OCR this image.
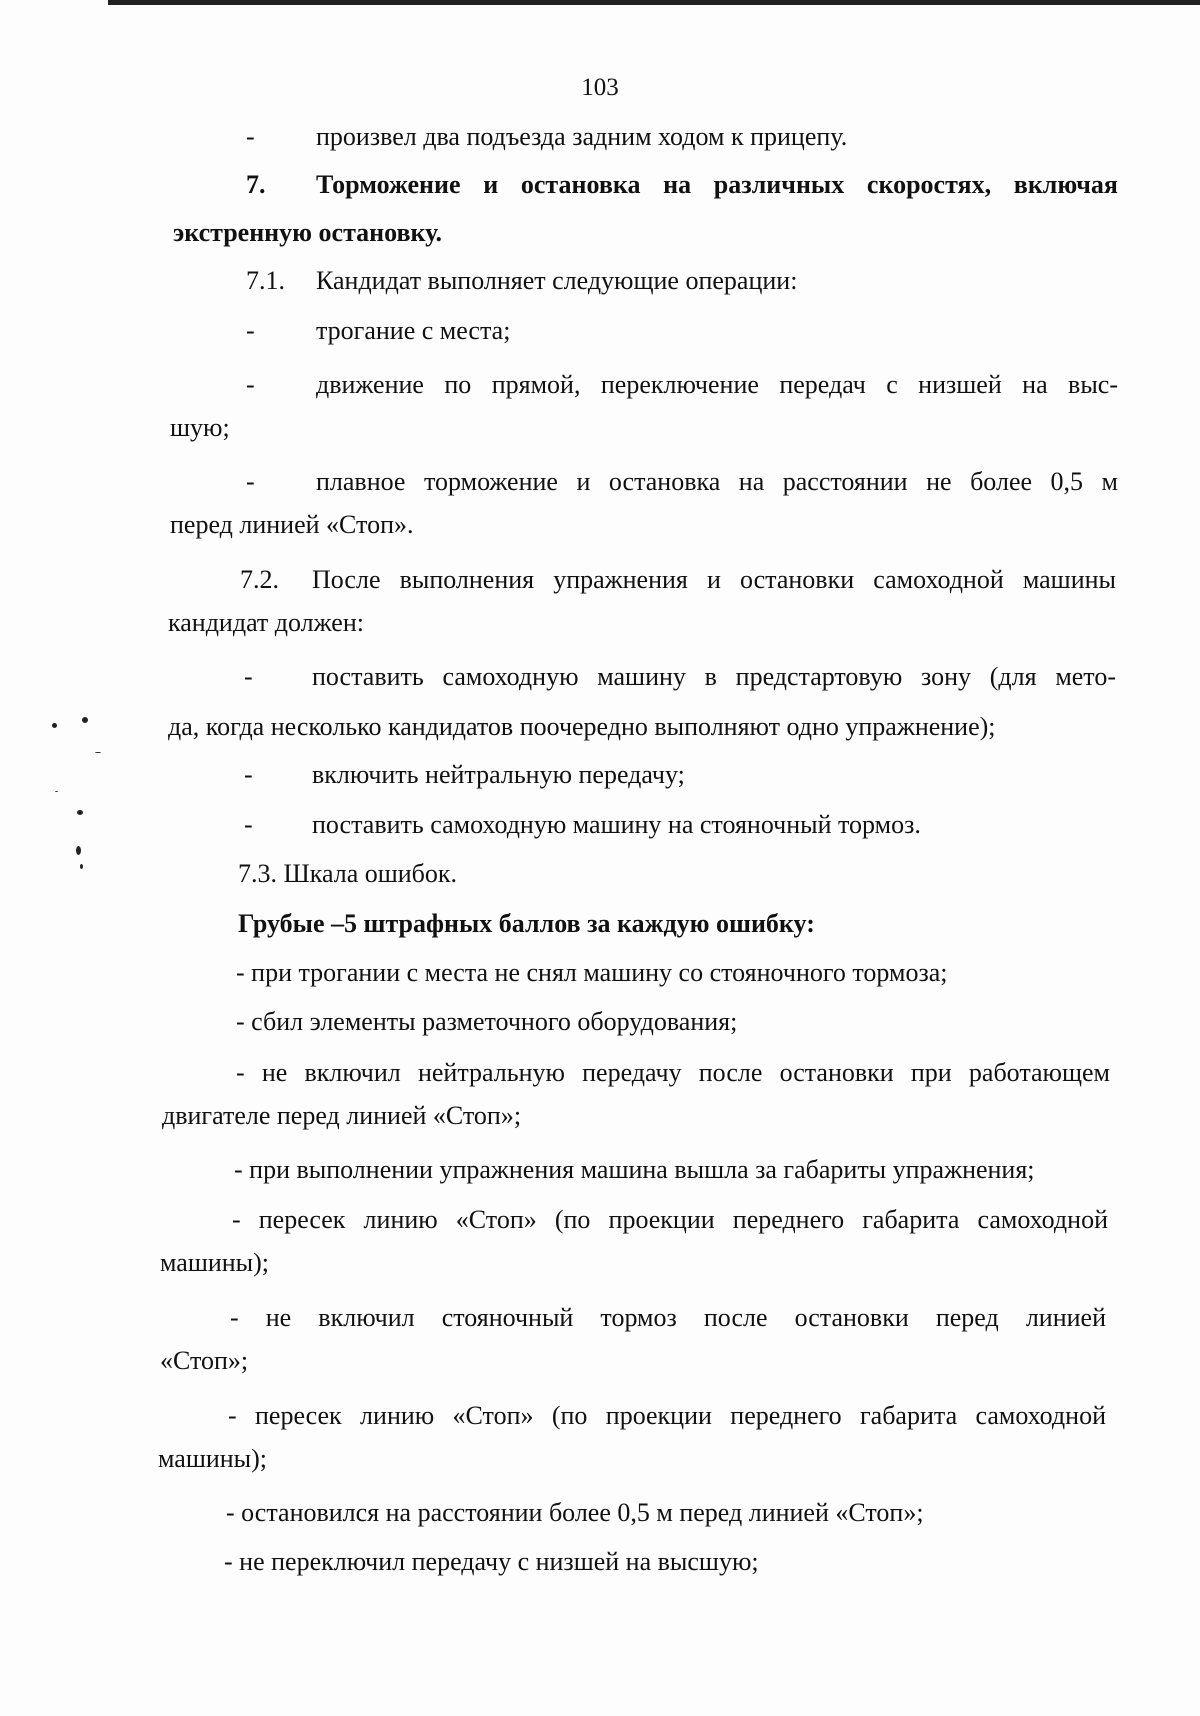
103
- произвел два подъезда задним ходом к прицепу.
7. Торможение и остановка на различных скоростях, включая
экстренную остановку.
7.1. Кандидат выполняет следующие операции:
- трогание с места;
- движение по прямой, переключение передач с низшей на выс-
шую;
- плавное торможение и остановка на расстоянии не более 0,5 м
перед линией «Стоп».
7.2. После выполнения упражнения и остановки самоходной машины
кандидат должен:
- поставить самоходную машину в предстартовую зону (для мето-
да, когда несколько кандидатов поочередно выполняют одно упражнение);
- включить нейтральную передачу;
- поставить самоходную машину на стояночный тормоз.
7.3. Шкала ошибок.
Грубые –5 штрафных баллов за каждую ошибку:
- при трогании с места не снял машину со стояночного тормоза;
- сбил элементы разметочного оборудования;
- не включил нейтральную передачу после остановки при работающем
двигателе перед линией «Стоп»;
- при выполнении упражнения машина вышла за габариты упражнения;
- пересек линию «Стоп» (по проекции переднего габарита самоходной
машины);
- не включил стояночный тормоз после остановки перед линией
«Стоп»;
- пересек линию «Стоп» (по проекции переднего габарита самоходной
машины);
- остановился на расстоянии более 0,5 м перед линией «Стоп»;
- не переключил передачу с низшей на высшую;
